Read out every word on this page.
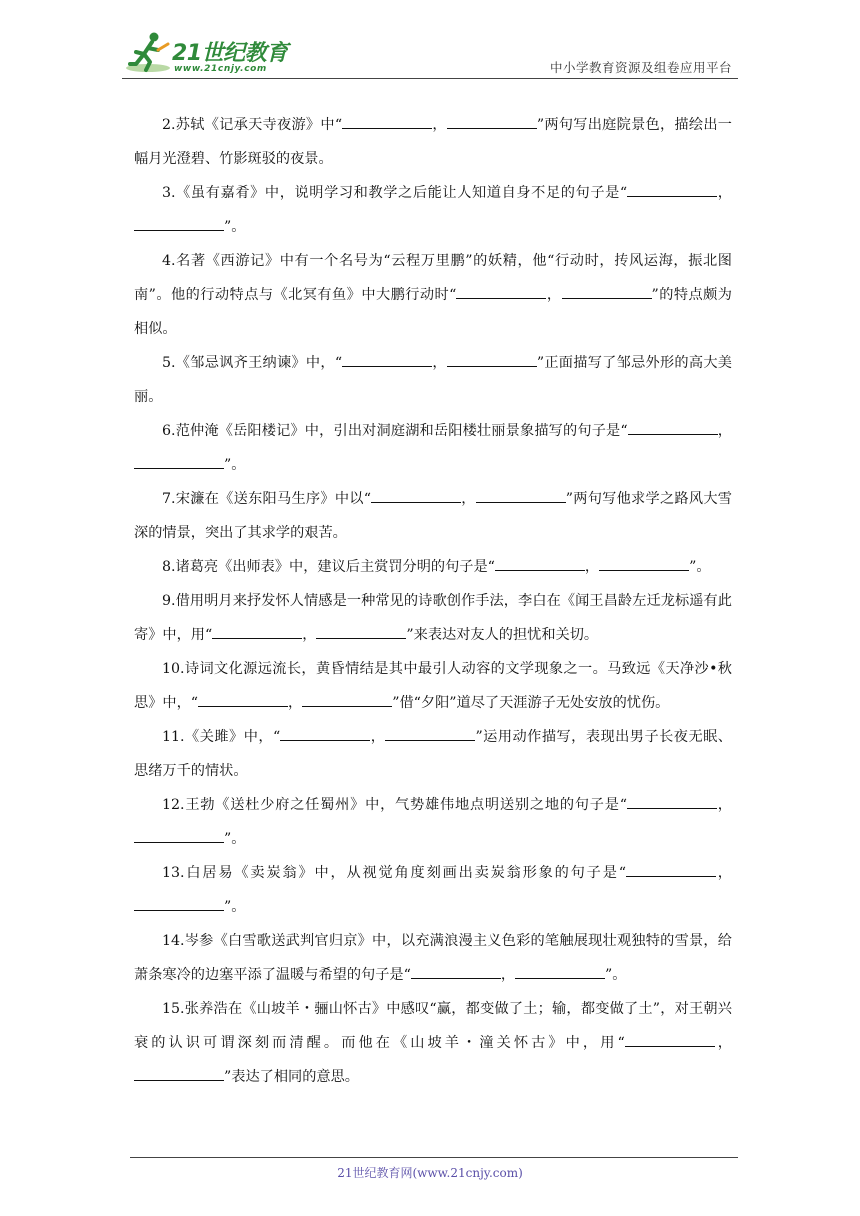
21世纪教育
www.21cnjy.com	中小学教育资源及组卷应用平台

2.苏轼《记承天寺夜游》中“	，	”两句写出庭院景色，描绘出一幅月光澄碧、竹影斑驳的夜景。

3.《虽有嘉肴》中，说明学习和教学之后能让人知道自身不足的句子是“	，”。

4.名著《西游记》中有一个名号为“云程万里鹏”的妖精，他“行动时，抟风运海，振北图南”。他的行动特点与《北冥有鱼》中大鹏行动时“	，	”的特点颇为相似。

5.《邹忌讽齐王纳谏》中，“	，	”正面描写了邹忌外形的高大美丽。

6.范仲淹《岳阳楼记》中，引出对洞庭湖和岳阳楼壮丽景象描写的句子是“	，”。

7.宋濂在《送东阳马生序》中以“	，	”两句写他求学之路风大雪深的情景，突出了其求学的艰苦。

8.诸葛亮《出师表》中，建议后主赏罚分明的句子是“	，	”。

9.借用明月来抒发怀人情感是一种常见的诗歌创作手法，李白在《闻王昌龄左迁龙标遥有此寄》中，用“	，	”来表达对友人的担忧和关切。

10.诗词文化源远流长，黄昏情结是其中最引人动容的文学现象之一。马致远《天净沙•秋思》中，“	，	”借“夕阳”道尽了天涯游子无处安放的忧伤。

11.《关雎》中，“	，	”运用动作描写，表现出男子长夜无眠、思绪万千的情状。

12.王勃《送杜少府之任蜀州》中，气势雄伟地点明送别之地的句子是“	，”。

13.白居易《卖炭翁》中，从视觉角度刻画出卖炭翁形象的句子是“	，”。

14.岑参《白雪歌送武判官归京》中，以充满浪漫主义色彩的笔触展现壮观独特的雪景，给萧条寒冷的边塞平添了温暖与希望的句子是“	，	”。

15.张养浩在《山坡羊・骊山怀古》中感叹“赢，都变做了土；输，都变做了土”，对王朝兴衰的认识可谓深刻而清醒。而他在《山坡羊・潼关怀古》中，用“	，”表达了相同的意思。

21世纪教育网(www.21cnjy.com)
